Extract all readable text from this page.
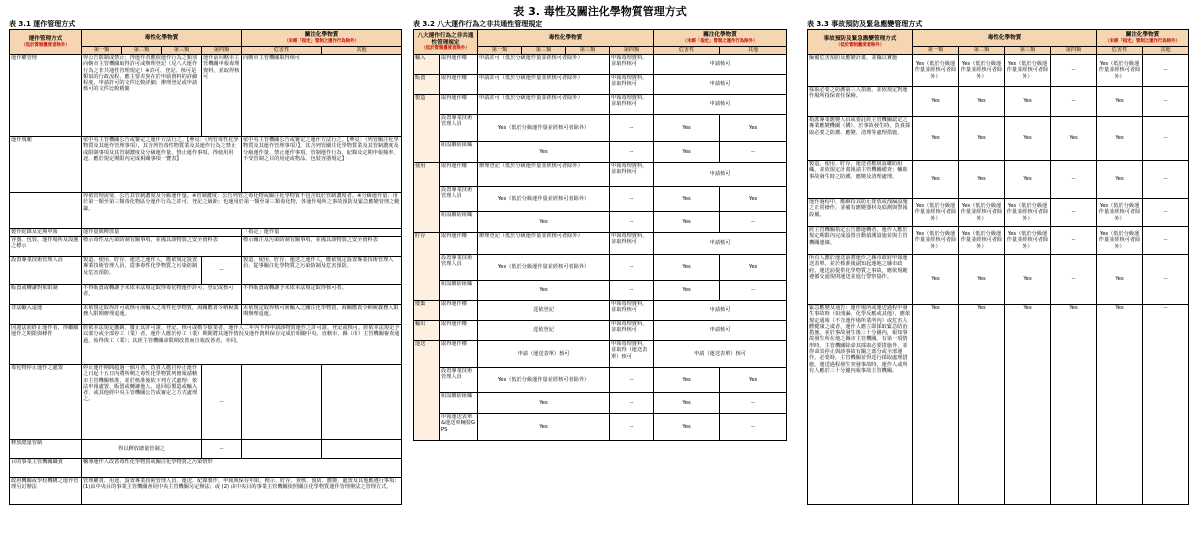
表 3. 毒性及關注化學物質管理方式
表 3.1 運作管理方式
運作管理方式
（低於管制濃度者除外）	毒性化學物質				關注化學物質
（未經「指定」管制之運作行為除外）	

	第一類	第二類	第三類	第四類	危害性	其他
運作權管理	得公告限制或禁止；得運作者應依運作行為之類別向轄市主管機關取得許可或辦理登記（見八大運作行為之非共通性管理規定）※許可、登記、核可是類似的行政流程，應主要差異在於申請資料的詳細程度。申請許可的文件比較詳細；辦理登記或申請核可的文件比較精簡			運作前向轄市主管機關申報毒理資料，並取得核可	向轄市主管機關取得核可	
運作規範	依中央主管機關公告或審定之運作方法行之。【參見：（列管毒性化學物質及其運作管理事項），其含列管毒性物質業及其運作行為之禁止或限制事項及其管制濃度及分級運作量、禁止運作事項、得使用用途、應於規定期限內完成相關事項一覽表】				依中央主管機關公告或審定之運作方法行之。【參見：（列管關注化學物質及其運作管理事項）】，其含列管關注化學物質業及其管制濃度及分級運作量、禁止運作事項、管制運作行為、紀錄及定期申報頻率、不受管制之目的用途或物品、包裝容器規定】	
	得依管理需要，公告其管制濃度及分級運作量。※管制濃度：公告列管之毒化物或關注化學物質不包含低於管制濃度者。※分級運作量：用於第一類至第三類毒化物區分運作行為之許可、登記之級距；也運用於第一類至第三類毒化物，各運作場所之事故預防及緊急應變管理之範籌。					
製作紀錄及定期申報	運作量與釋放量				「指定」運作量	
容器、包裝、運作場所及設施之標示	標示毒性及污染防制有關事項，並備具該物質之安全資料表				標示關注及污染防制有關事項，並備具該物質之安全資料表	
設置專業技術管理人員	製造、使用、貯存、運送之運作人，應依規定設置專業技術管理人員，從事毒性化學物質之污染防制及危害預防。			--	製造、使用、貯存、運送之運作人，應依規定設置專業技術管理人員，從事關注化學物質之污染防制及危害預防。	
販賣或轉讓對象限制	不得販賣或轉讓予未依本法規定取得毒化物運作許可、登記或核可者。				不得販賣或轉讓予未依本法規定取得核可者。	
非法輸入退運	未依規定取得許可或核可而輸入之毒性化學物質，海關應責令納稅義務人限期辦理退運。				未依規定取得核可而輸入之關注化學物質，海關應責令納稅義務人限期辦理退運。	
因違法而終止運作者，得繼續運作之期限與條件	經依本法規定撤銷、廢止其許可證、登記、核可或勒令歇業者，運作人二年內不得申請該物質運作之許可證、登記或核可。經依本法規定予以部分或全部停工（業）者，運作人應於停工（業）期間將其運作情況及運作資料保存完成於相關中央、直轄市、縣（市）主管機關審查通過，始得復工（業）；其經主管機關命限期改善而自報改善者，亦同。					
毒化物停止運作之處置	停止運作期間超過一個月者，負責人應自停止運作之日起十五日內將所剩之毒性化學物質列冊報請轄市主管機關核准，並於核准後依下列方式處理：依法申報處置、販賣或轉讓他人、退回原製造或輸入者、或其他經中央主管機關公告或審定之方式處理之。			--		
釋放總量管制	得以釋放總量管制之			--		
目的事業主管機關職責	輔導運作人改善毒性化學物質或關注化學物質之污染情形					
政府機關或學校機構之運作管理另訂辦法	管理權責、用途、設置專業技術管理人員、運送、紀錄製作、申報與保存年限、標示、貯存、查核、預防、應變、處置及其他應遵行事項：(1)由中央目的事業主管機關會同中央主管機關另定辦法；或 (2) 由中央目的事業主管機關依照關注化學物質運作管理辦法之管理方式。					
表 3.2 八大運作行為之非共通性管理規定
八大運作行為之非共通性管理規定
（低於管制濃度者除外）		毒性化學物質				關注化學物質
（未經「指定」管制之運作行為除外）	

		第一類	第二類	第三類	第四類	危害性	其他
輸入	取得運作權	申請許可（低於分級運作量並經核可者除外）			申報毒理資料，並取得核可	申請核可	
販賣	取得運作權	申請許可（低於分級運作量並經核可者除外）			申報毒理資料，並取得核可	申請核可	
製造	取得運作權	申請許可（低於分級運作量並經核可者除外）			申報毒理資料，並取得核可	申請核可	
	設置專業技術管理人員	Yes（低於分級運作量並經核可者除外）			--	Yes	Yes
	組設聯防組織	Yes			--	Yes	--
使用	取得運作權	辦理登記（低於分級運作量並經核可者除外）			申報毒理資料，並取得核可	申請核可	
	設置專業技術管理人員	Yes（低於分級運作量並經核可者除外）			--	Yes	Yes
	組設聯防組織	Yes			--	Yes	--
貯存	取得運作權	辦理登記（低於分級運作量並經核可者除外）			申報毒理資料，並取得核可	申請核可	
	設置專業技術管理人員	Yes（低於分級運作量並經核可者除外）			--	Yes	Yes
	組設聯防組織	Yes			--	Yes	--
廢棄	取得運作權	逕依登記			申報毒理資料，並取得核可	申請核可	
輸出	取得運作權	逕依登記			申報毒理資料，並取得核可	申請核可	
運送	取得運作權	申請（運送表單）核可			申報毒理資料，並取得（運送表單）核可	申請（運送表單）核可	
	設置專業技術管理人員	Yes（低於分級運作量並經核可者除外）			--	Yes	Yes
	組設聯防組織	Yes			--	Yes	--
	申報運送表單 &運送車輛裝GPS	Yes			--	Yes	--
表 3.3 事故預防及緊急應變管理方式
事故預防及緊急應變管理方式
（低於管制濃度者除外）	毒性化學物質				關注化學物質
（未經「指定」管制之運作行為除外）	

	第一類	第二類	第三類	第四類	危害性	其他
擬備危害預防及應變計畫，並據以實施	Yes（低於分級運作量並經核可者除外）	Yes（低於分級運作量並經核可者除外）	Yes（低於分級運作量並經核可者除外）	--	Yes（低於分級運作量並經核可者除外）	--
採取必要之防護第三人措施，並依規定對運作場所投保責任保險。	Yes	Yes	Yes	--	Yes	--
指派專業應變人員或委託經主管機關認定之專業應變機關（構），於事故發生時，負責採取必要之防護、應變、清理等處理措施。	Yes	Yes	Yes	Yes	Yes	--
製造、使用、貯存、運送者應組設聯防組織，並依規定計畫報請主管機關備查；輔助事故發生時之防護、應變及清理處理。	Yes	Yes	Yes	--	Yes	--
運作過程中，應維持其防止排放或洩漏設施之正常操作，並備有應變器材及偵測與警報設備。	Yes（低於分級運作量並經核可者除外）	Yes（低於分級運作量並經核可者除外）	Yes（低於分級運作量並經核可者除外）	--	Yes（低於分級運作量並經核可者除外）	--
經主管機關指定公告應運轉者，運作人應於規定期限內完成設置自動偵測設施並與主管機關連線。	Yes（低於分級運作量並經核可者除外）	Yes（低於分級運作量並經核可者除外）	Yes（低於分級運作量並經核可者除外）	--	Yes（低於分級運作量並經核可者除外）	--
所有人應於運送前將運作之縣市政府申報運送表單，並於核准後副知起運地之縣市政府。運送前提供化學物質之事故，應依規範遵循交通規則運送並進行警察協作。	Yes	Yes	Yes	--	Yes	--
緊急應變及通告：運作場所或運送過程中發生事故時（如洩漏、化學反應或其他），應依規定通報（不含運作場所業所內）或危害人體健康之虞者，運作人應立即採取緊急防治措施，並於事故發生後三十分鐘內，報知事故發生所在地之縣市主管機關。有第一項情形時，主管機關除命其採取必要措施外，並得命其停止與該事故有關之部分或全部運作。必要時，主管機關並得逕行採取處理措施。運送過程發生突發事故時，運作人或所有人應於三十分鐘內報事故主管機關。	Yes	Yes	Yes	Yes	Yes	--
